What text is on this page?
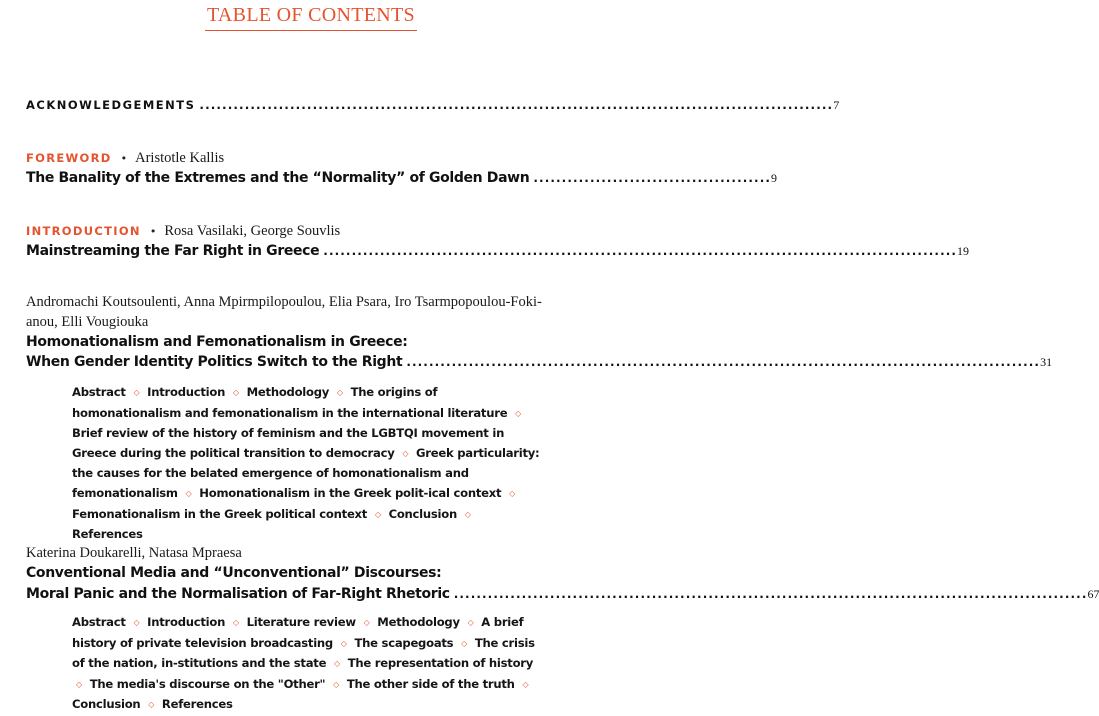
TABLE OF CONTENTS
ACKNOWLEDGEMENTS ................................................................................................................ 7
FOREWORD • Aristotle Kallis
The Banality of the Extremes and the “Normality” of Golden Dawn .......................................... 9
INTRODUCTION • Rosa Vasilaki, George Souvlis
Mainstreaming the Far Right in Greece ................................................................................................................ 19
Andromachi Koutsoulenti, Anna Mpirmpilopoulou, Elia Psara, Iro Tsarmpopoulou-Foki-
anou, Elli Vougiouka
Homonationalism and Femonationalism in Greece:
When Gender Identity Politics Switch to the Right ................................................................................................................ 31
Abstract ◇ Introduction ◇ Methodology ◇ The origins of homonationalism and femonationalism in the international literature ◇ Brief review of the history of feminism and the LGBTQI movement in Greece during the political transition to democracy ◇ Greek particularity: the causes for the belated emergence of homonationalism and femonationalism ◇ Homonationalism in the Greek polit-ical context ◇ Femonationalism in the Greek political context ◇ Conclusion ◇ References
Katerina Doukarelli, Natasa Mpraesa
Conventional Media and “Unconventional” Discourses:
Moral Panic and the Normalisation of Far-Right Rhetoric ................................................................................................................ 67
Abstract ◇ Introduction ◇ Literature review ◇ Methodology ◇ A brief history of private television broadcasting ◇ The scapegoats ◇ The crisis of the nation, in-stitutions and the state ◇ The representation of history ◇ The media's discourse on the "Other" ◇ The other side of the truth ◇ Conclusion ◇ References
